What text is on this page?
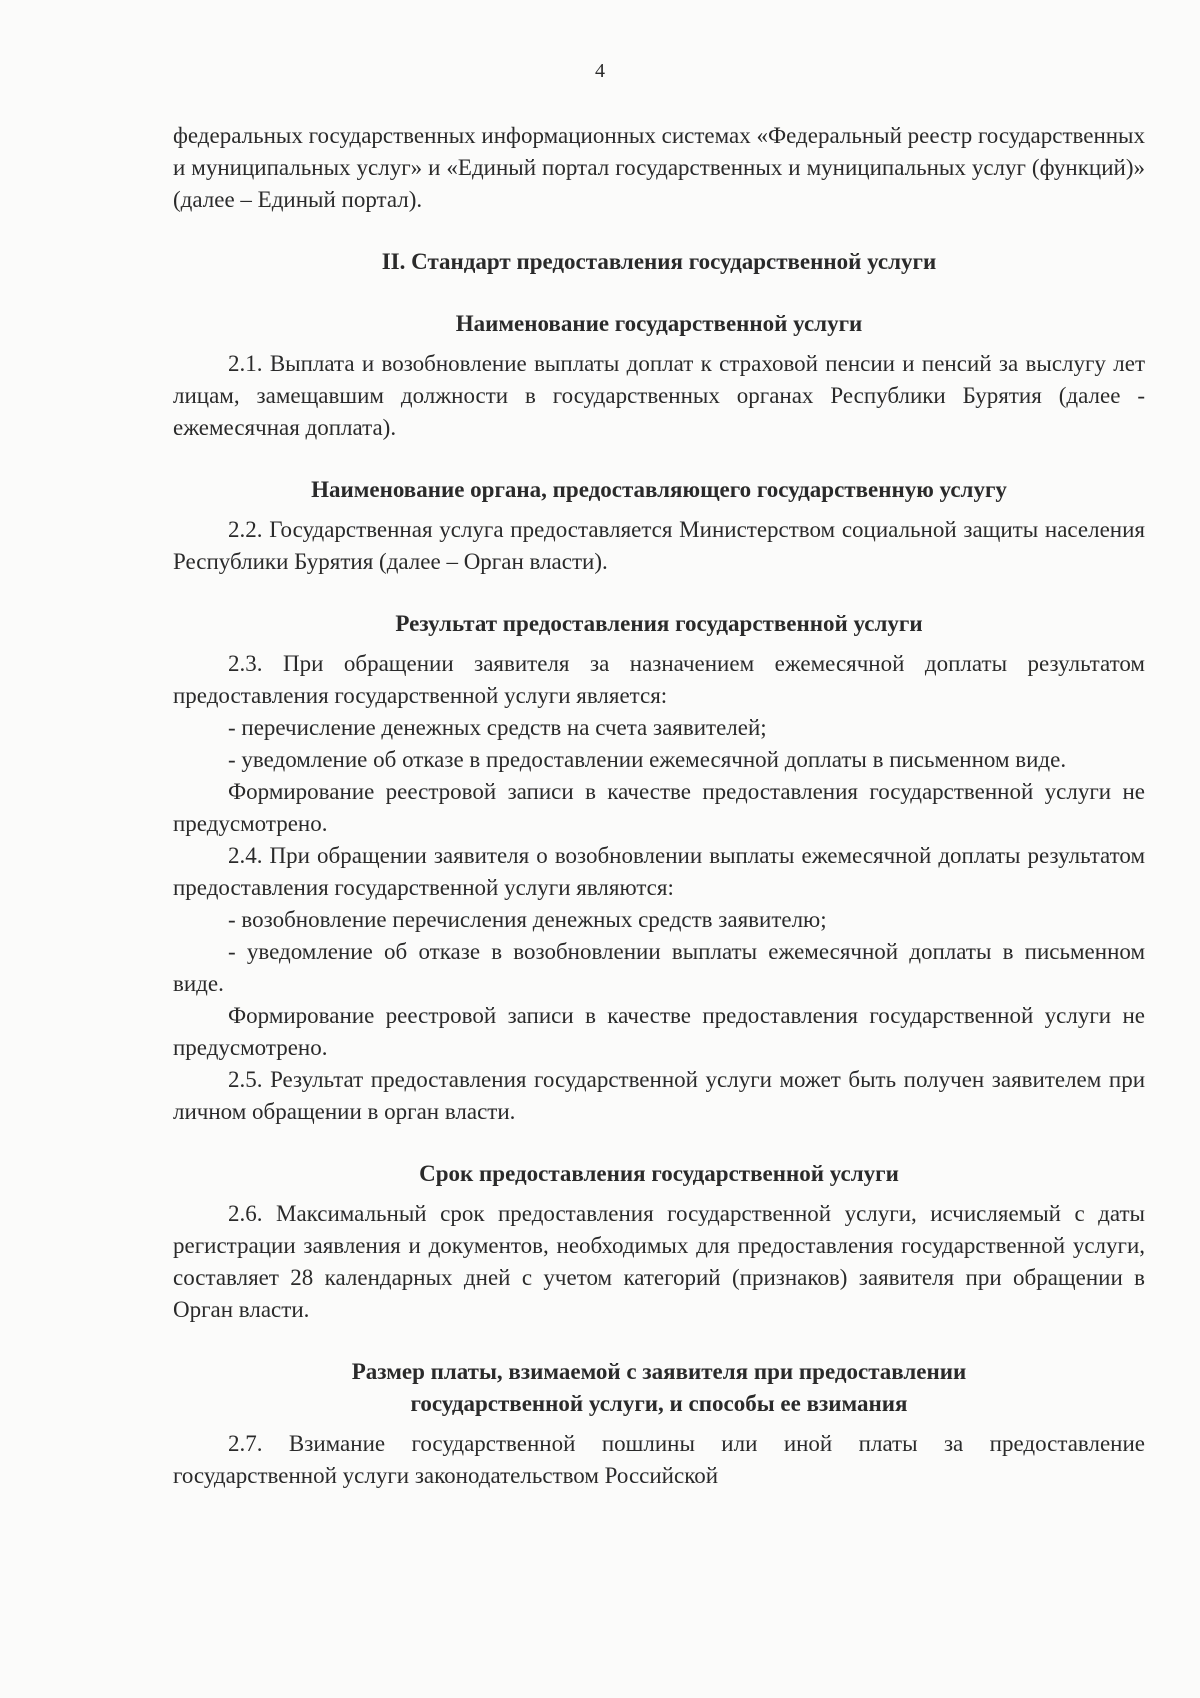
4

федеральных государственных информационных системах «Федеральный реестр государственных и муниципальных услуг» и «Единый портал государственных и муниципальных услуг (функций)» (далее – Единый портал).

II. Стандарт предоставления государственной услуги
Наименование государственной услуги

2.1. Выплата и возобновление выплаты доплат к страховой пенсии и пенсий за выслугу лет лицам, замещавшим должности в государственных органах Республики Бурятия (далее - ежемесячная доплата).

Наименование органа, предоставляющего государственную услугу

2.2. Государственная услуга предоставляется Министерством социальной защиты населения Республики Бурятия (далее – Орган власти).

Результат предоставления государственной услуги

2.3. При обращении заявителя за назначением ежемесячной доплаты результатом предоставления государственной услуги является:

- перечисление денежных средств на счета заявителей;

- уведомление об отказе в предоставлении ежемесячной доплаты в письменном виде.

Формирование реестровой записи в качестве предоставления государственной услуги не предусмотрено.

2.4. При обращении заявителя о возобновлении выплаты ежемесячной доплаты результатом предоставления государственной услуги являются:

- возобновление перечисления денежных средств заявителю;

- уведомление об отказе в возобновлении выплаты ежемесячной доплаты в письменном виде.

Формирование реестровой записи в качестве предоставления государственной услуги не предусмотрено.

2.5. Результат предоставления государственной услуги может быть получен заявителем при личном обращении в орган власти.

Срок предоставления государственной услуги

2.6. Максимальный срок предоставления государственной услуги, исчисляемый с даты регистрации заявления и документов, необходимых для предоставления государственной услуги, составляет 28 календарных дней с учетом категорий (признаков) заявителя при обращении в Орган власти.

Размер платы, взимаемой с заявителя при предоставлении
государственной услуги, и способы ее взимания

2.7. Взимание государственной пошлины или иной платы за предоставление государственной услуги законодательством Российской
